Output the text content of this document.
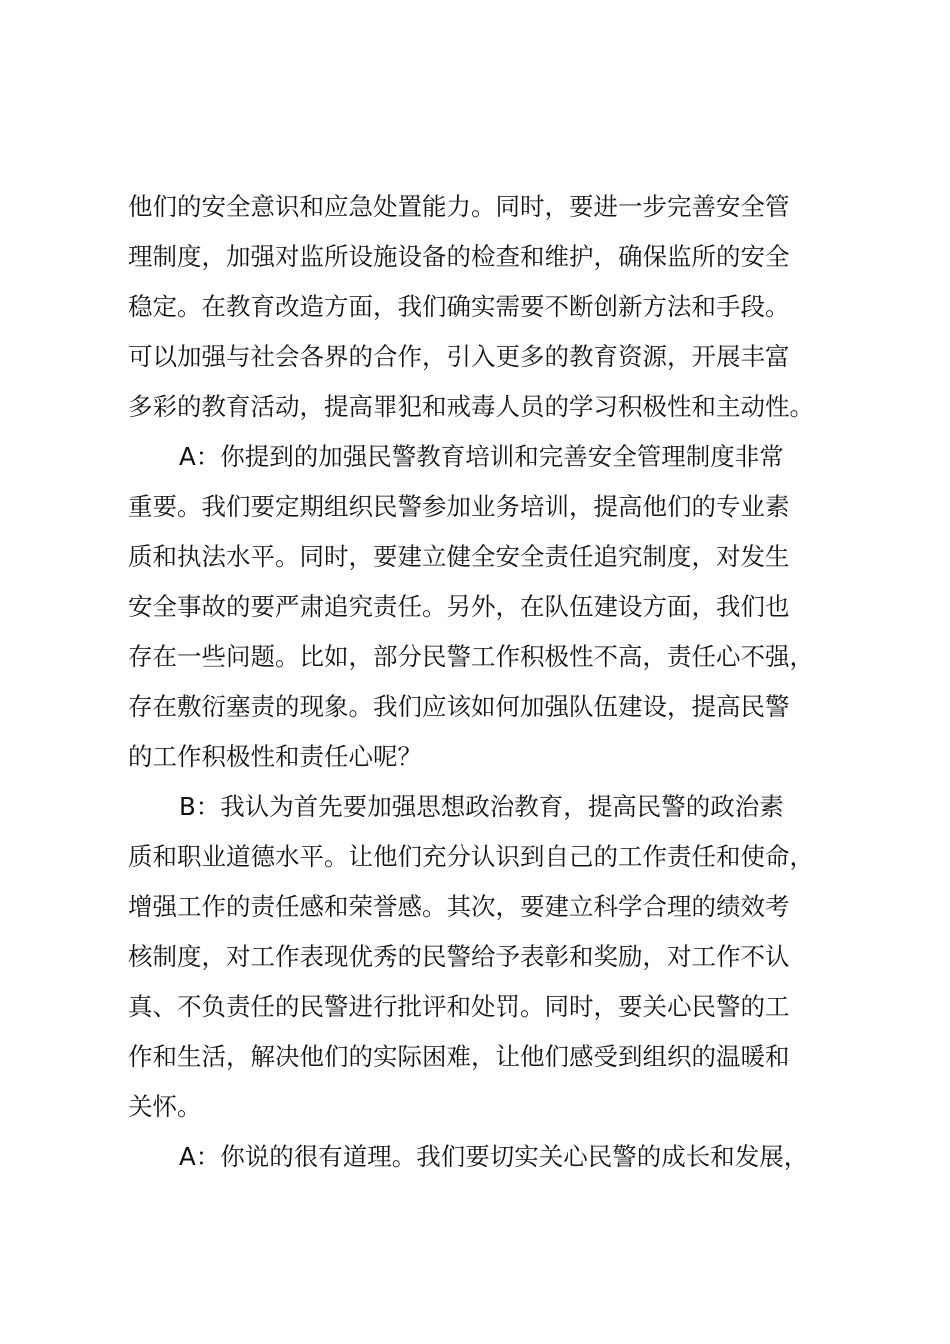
他们的安全意识和应急处置能力。同时，要进一步完善安全管
理制度，加强对监所设施设备的检查和维护，确保监所的安全
稳定。在教育改造方面，我们确实需要不断创新方法和手段。
可以加强与社会各界的合作，引入更多的教育资源，开展丰富
多彩的教育活动，提高罪犯和戒毒人员的学习积极性和主动性。
A：你提到的加强民警教育培训和完善安全管理制度非常
重要。我们要定期组织民警参加业务培训，提高他们的专业素
质和执法水平。同时，要建立健全安全责任追究制度，对发生
安全事故的要严肃追究责任。另外，在队伍建设方面，我们也
存在一些问题。比如，部分民警工作积极性不高，责任心不强，
存在敷衍塞责的现象。我们应该如何加强队伍建设，提高民警
的工作积极性和责任心呢？
B：我认为首先要加强思想政治教育，提高民警的政治素
质和职业道德水平。让他们充分认识到自己的工作责任和使命，
增强工作的责任感和荣誉感。其次，要建立科学合理的绩效考
核制度，对工作表现优秀的民警给予表彰和奖励，对工作不认
真、不负责任的民警进行批评和处罚。同时，要关心民警的工
作和生活，解决他们的实际困难，让他们感受到组织的温暖和
关怀。
A：你说的很有道理。我们要切实关心民警的成长和发展，
